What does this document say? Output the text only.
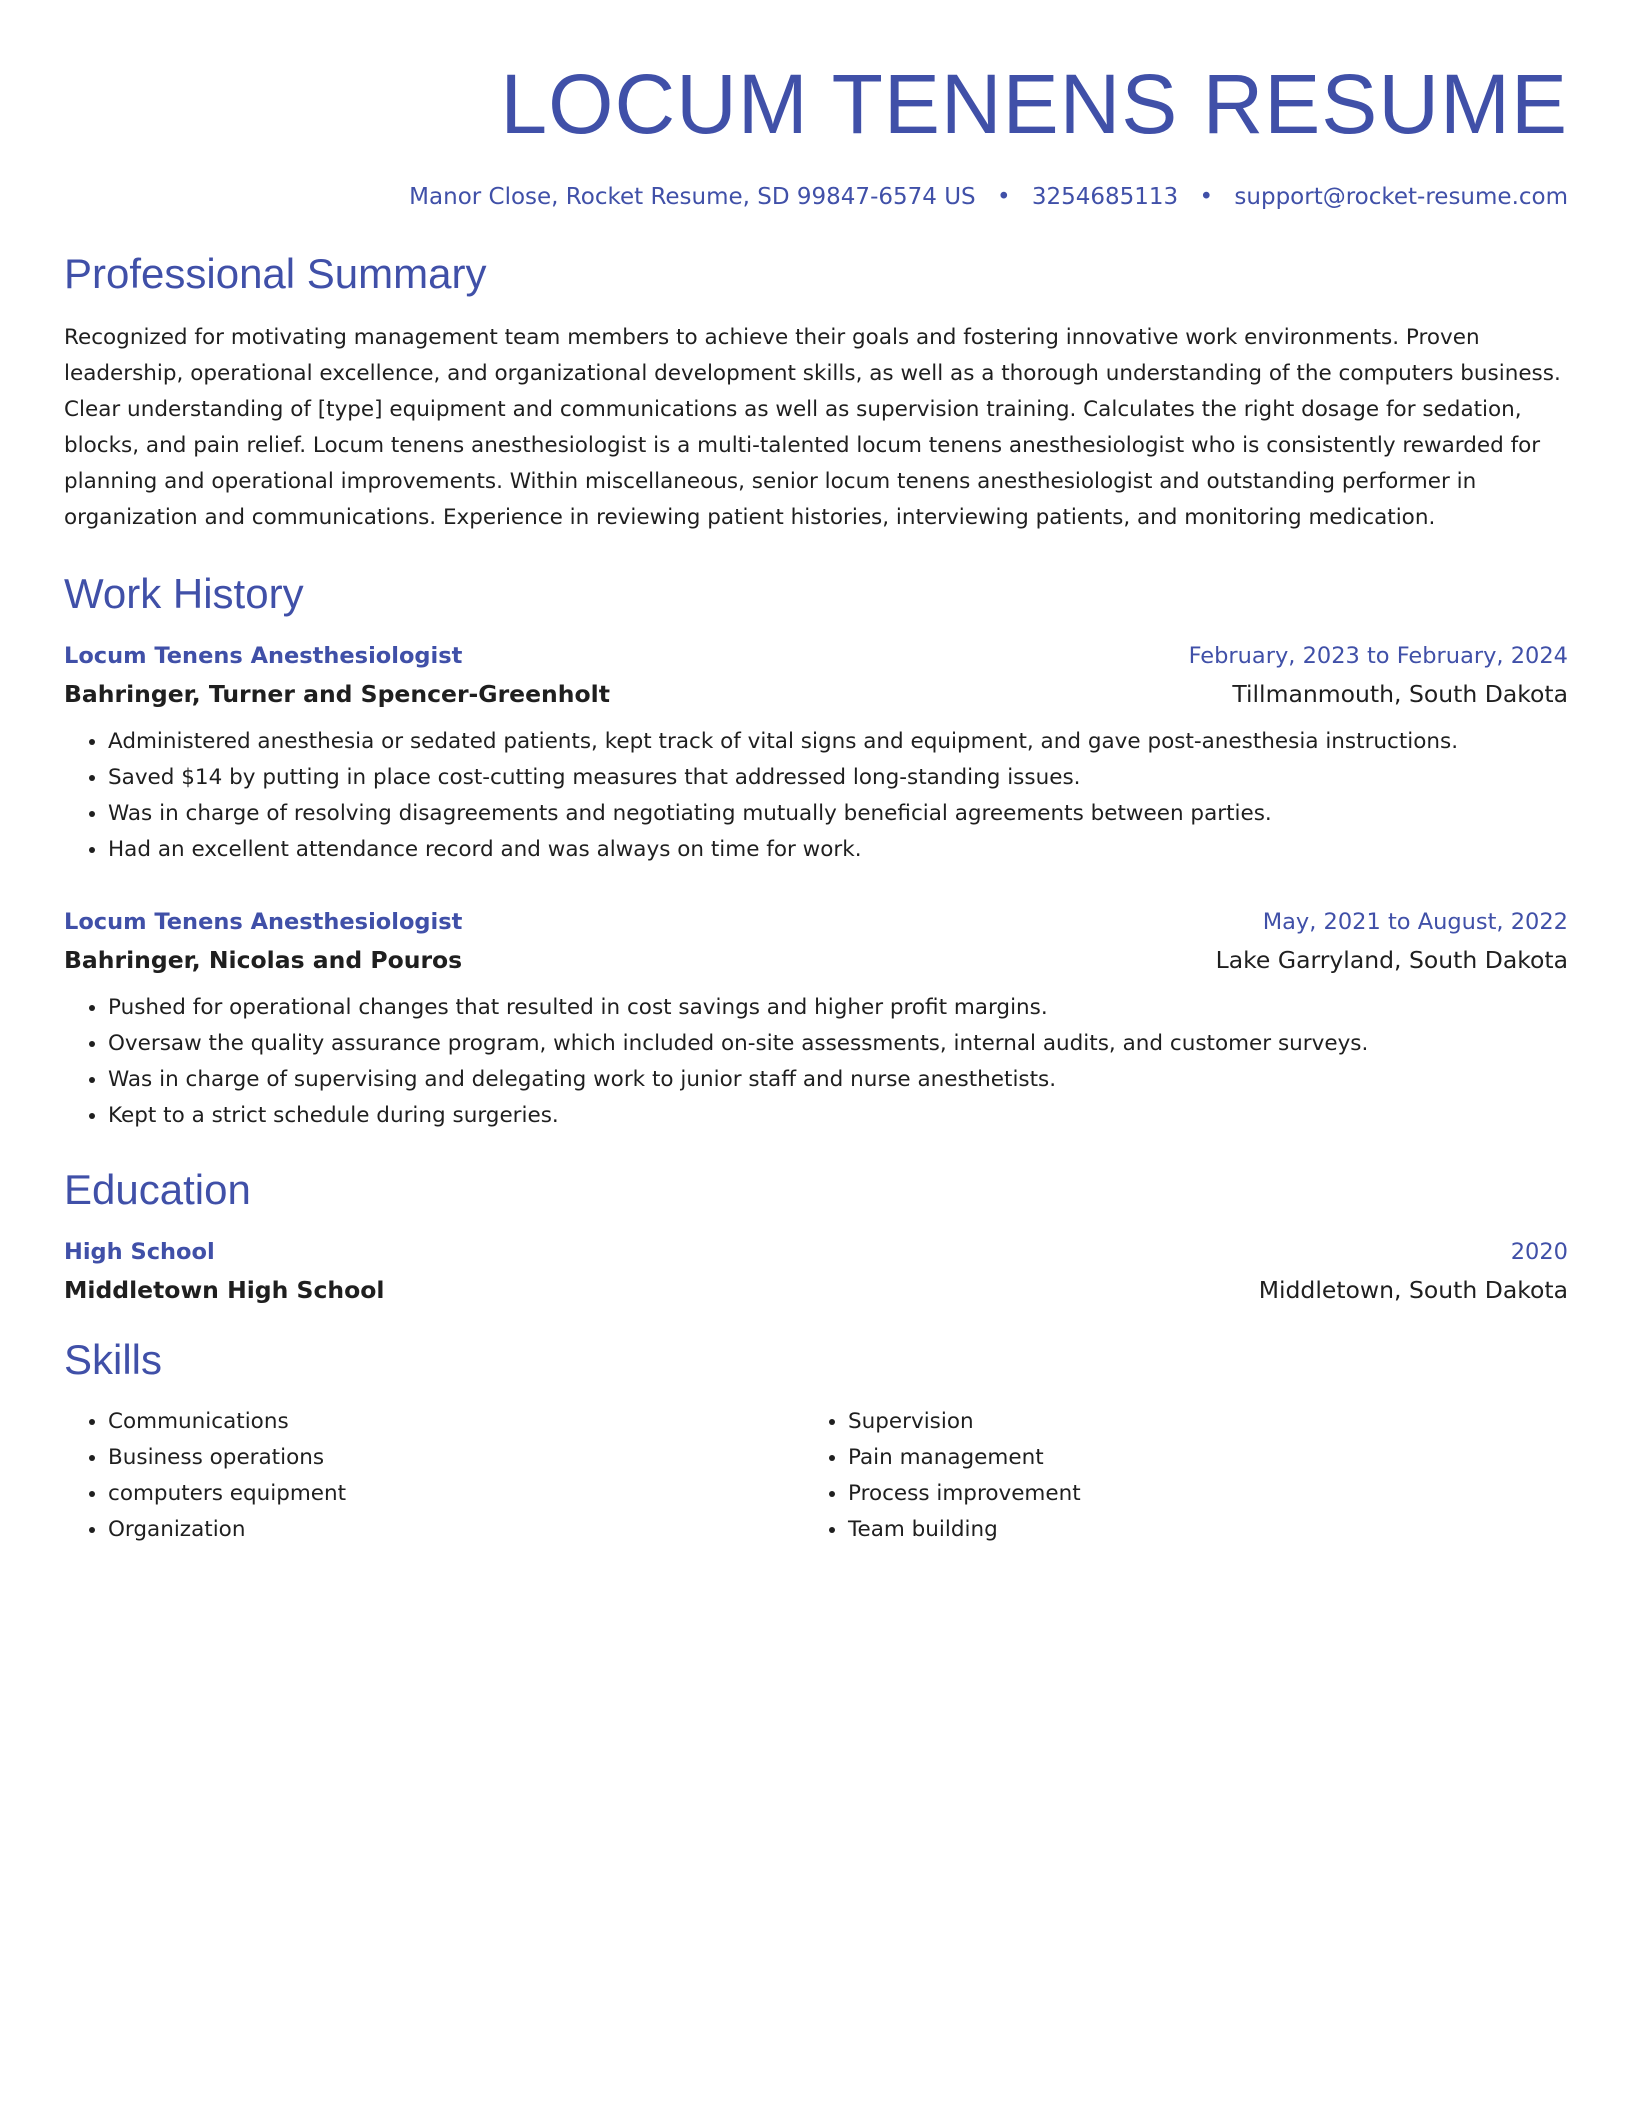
LOCUM TENENS RESUME
Manor Close, Rocket Resume, SD 99847-6574 US • 3254685113 • support@rocket-resume.com
Professional Summary
Recognized for motivating management team members to achieve their goals and fostering innovative work environments. Proven leadership, operational excellence, and organizational development skills, as well as a thorough understanding of the computers business. Clear understanding of [type] equipment and communications as well as supervision training. Calculates the right dosage for sedation, blocks, and pain relief. Locum tenens anesthesiologist is a multi-talented locum tenens anesthesiologist who is consistently rewarded for planning and operational improvements. Within miscellaneous, senior locum tenens anesthesiologist and outstanding performer in organization and communications. Experience in reviewing patient histories, interviewing patients, and monitoring medication.
Work History
Locum Tenens Anesthesiologist	February, 2023 to February, 2024
Bahringer, Turner and Spencer-Greenholt	Tillmanmouth, South Dakota
• Administered anesthesia or sedated patients, kept track of vital signs and equipment, and gave post-anesthesia instructions.
• Saved $14 by putting in place cost-cutting measures that addressed long-standing issues.
• Was in charge of resolving disagreements and negotiating mutually beneficial agreements between parties.
• Had an excellent attendance record and was always on time for work.
Locum Tenens Anesthesiologist	May, 2021 to August, 2022
Bahringer, Nicolas and Pouros	Lake Garryland, South Dakota
• Pushed for operational changes that resulted in cost savings and higher profit margins.
• Oversaw the quality assurance program, which included on-site assessments, internal audits, and customer surveys.
• Was in charge of supervising and delegating work to junior staff and nurse anesthetists.
• Kept to a strict schedule during surgeries.
Education
High School	2020
Middletown High School	Middletown, South Dakota
Skills
• Communications
• Business operations
• computers equipment
• Organization
• Supervision
• Pain management
• Process improvement
• Team building
